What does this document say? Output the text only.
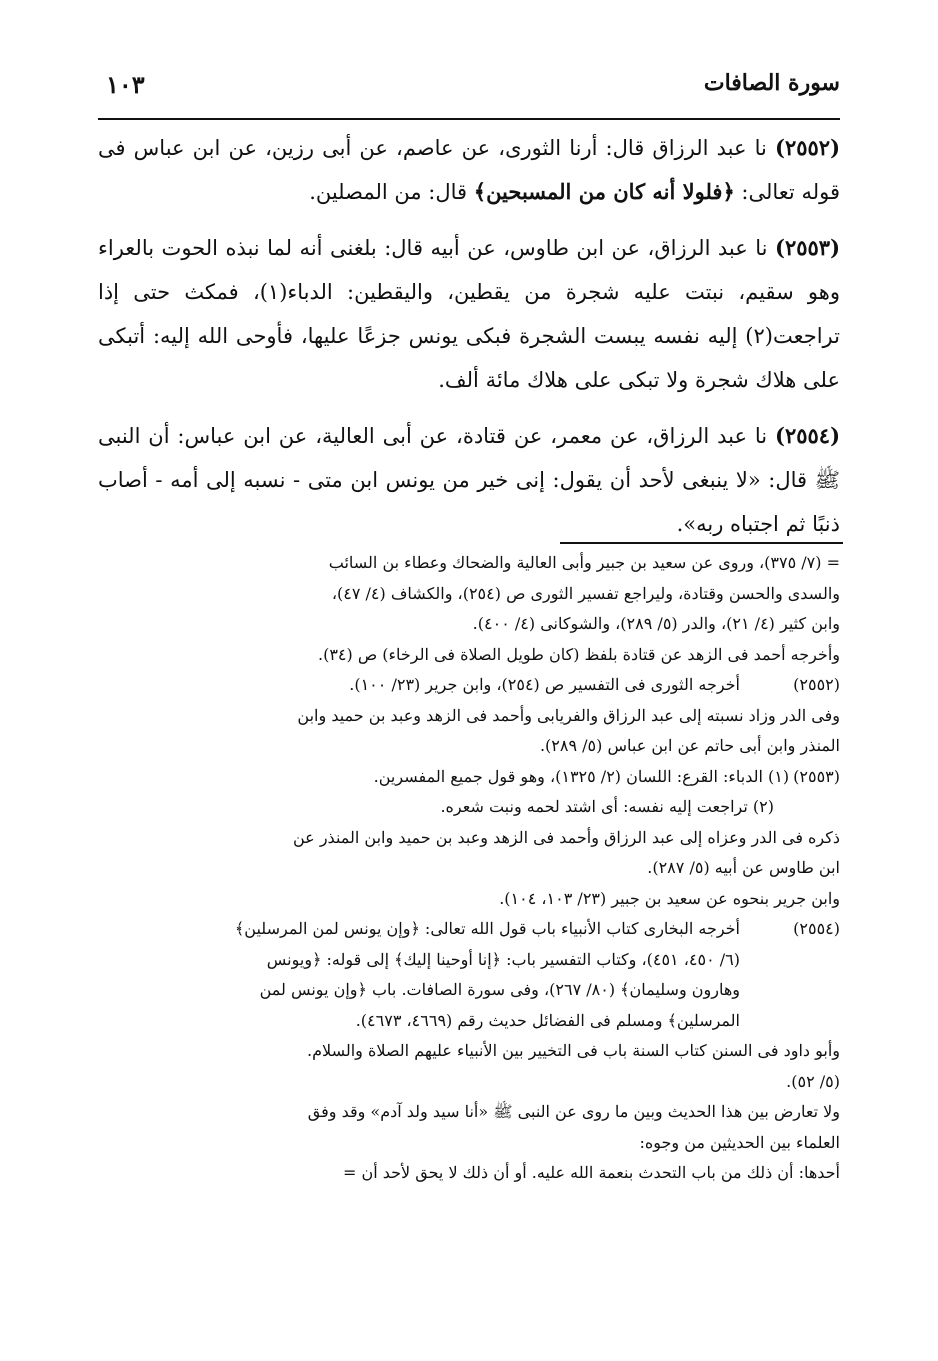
سورة الصافات
١٠٣

(٢٥٥٢) نا عبد الرزاق قال: أرنا الثورى، عن عاصم، عن أبى رزين، عن ابن عباس فى قوله تعالى: ﴿فلولا أنه كان من المسبحين﴾ قال: من المصلين.

(٢٥٥٣) نا عبد الرزاق، عن ابن طاوس، عن أبيه قال: بلغنى أنه لما نبذه الحوت بالعراء وهو سقيم، نبتت عليه شجرة من يقطين، واليقطين: الدباء(١)، فمكث حتى إذا تراجعت(٢) إليه نفسه يبست الشجرة فبكى يونس جزعًا عليها، فأوحى الله إليه: أتبكى على هلاك شجرة ولا تبكى على هلاك مائة ألف.

(٢٥٥٤) نا عبد الرزاق، عن معمر، عن قتادة، عن أبى العالية، عن ابن عباس: أن النبى ﷺ قال: «لا ينبغى لأحد أن يقول: إنى خير من يونس ابن متى - نسبه إلى أمه - أصاب ذنبًا ثم اجتباه ربه».

= (٧/ ٣٧٥)، وروى عن سعيد بن جبير وأبى العالية والضحاك وعطاء بن السائب
والسدى والحسن وقتادة، وليراجع تفسير الثورى ص (٢٥٤)، والكشاف (٤/ ٤٧)،
وابن كثير (٤/ ٢١)، والدر (٥/ ٢٨٩)، والشوكانى (٤/ ٤٠٠).
وأخرجه أحمد فى الزهد عن قتادة بلفظ (كان طويل الصلاة فى الرخاء) ص (٣٤).
(٢٥٥٢)
أخرجه الثورى فى التفسير ص (٢٥٤)، وابن جرير (٢٣/ ١٠٠).
وفى الدر وزاد نسبته إلى عبد الرزاق والفريابى وأحمد فى الزهد وعبد بن حميد وابن
المنذر وابن أبى حاتم عن ابن عباس (٥/ ٢٨٩).
(٢٥٥٣)
(١) الدباء: القرع: اللسان (٢/ ١٣٢٥)، وهو قول جميع المفسرين.
(٢) تراجعت إليه نفسه: أى اشتد لحمه ونبت شعره.
ذكره فى الدر وعزاه إلى عبد الرزاق وأحمد فى الزهد وعبد بن حميد وابن المنذر عن
ابن طاوس عن أبيه (٥/ ٢٨٧).
وابن جرير بنحوه عن سعيد بن جبير (٢٣/ ١٠٣، ١٠٤).
(٢٥٥٤)
أخرجه البخارى كتاب الأنبياء باب قول الله تعالى: ﴿وإن يونس لمن المرسلين﴾
(٦/ ٤٥٠، ٤٥١)، وكتاب التفسير باب: ﴿إنا أوحينا إليك﴾ إلى قوله: ﴿ويونس
وهارون وسليمان﴾ (٨٠/ ٢٦٧)، وفى سورة الصافات. باب ﴿وإن يونس لمن
المرسلين﴾ ومسلم فى الفضائل حديث رقم (٤٦٦٩، ٤٦٧٣).
وأبو داود فى السنن كتاب السنة باب فى التخيير بين الأنبياء عليهم الصلاة والسلام.
(٥/ ٥٢).
ولا تعارض بين هذا الحديث وبين ما روى عن النبى ﷺ «أنا سيد ولد آدم» وقد وفق
العلماء بين الحديثين من وجوه:
أحدها: أن ذلك من باب التحدث بنعمة الله عليه. أو أن ذلك لا يحق لأحد أن =
